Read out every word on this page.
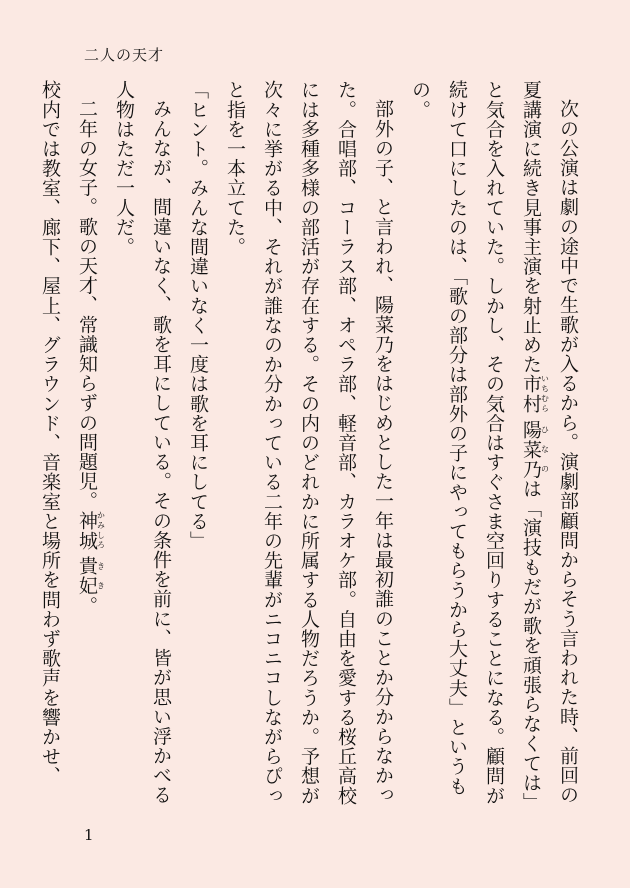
二人の天才

次の公演は劇の途中で生歌が入るから。演劇部顧問からそう言われた時、前回の夏講演に続き見事主演を射止めた市村いちむら 陽菜乃ひなのは「演技もだが歌を頑張らなくては」と気合を入れていた。しかし、その気合はすぐさま空回りすることになる。顧問が続けて口にしたのは、「歌の部分は部外の子にやってもらうから大丈夫」というもの。

部外の子、と言われ、陽菜乃をはじめとした一年は最初誰のことか分からなかった。合唱部、コーラス部、オペラ部、軽音部、カラオケ部。自由を愛する桜丘高校には多種多様の部活が存在する。その内のどれかに所属する人物だろうか。予想が次々に挙がる中、それが誰なのか分かっている二年の先輩がニコニコしながらぴっと指を一本立てた。

「ヒント。みんな間違いなく一度は歌を耳にしてる」

みんなが、間違いなく、歌を耳にしている。その条件を前に、皆が思い浮かべる人物はただ一人だ。

二年の女子。歌の天才、常識知らずの問題児。神城かみしろ 貴妃きき。

校内では教室、廊下、屋上、グラウンド、音楽室と場所を問わず歌声を響かせ、

1
